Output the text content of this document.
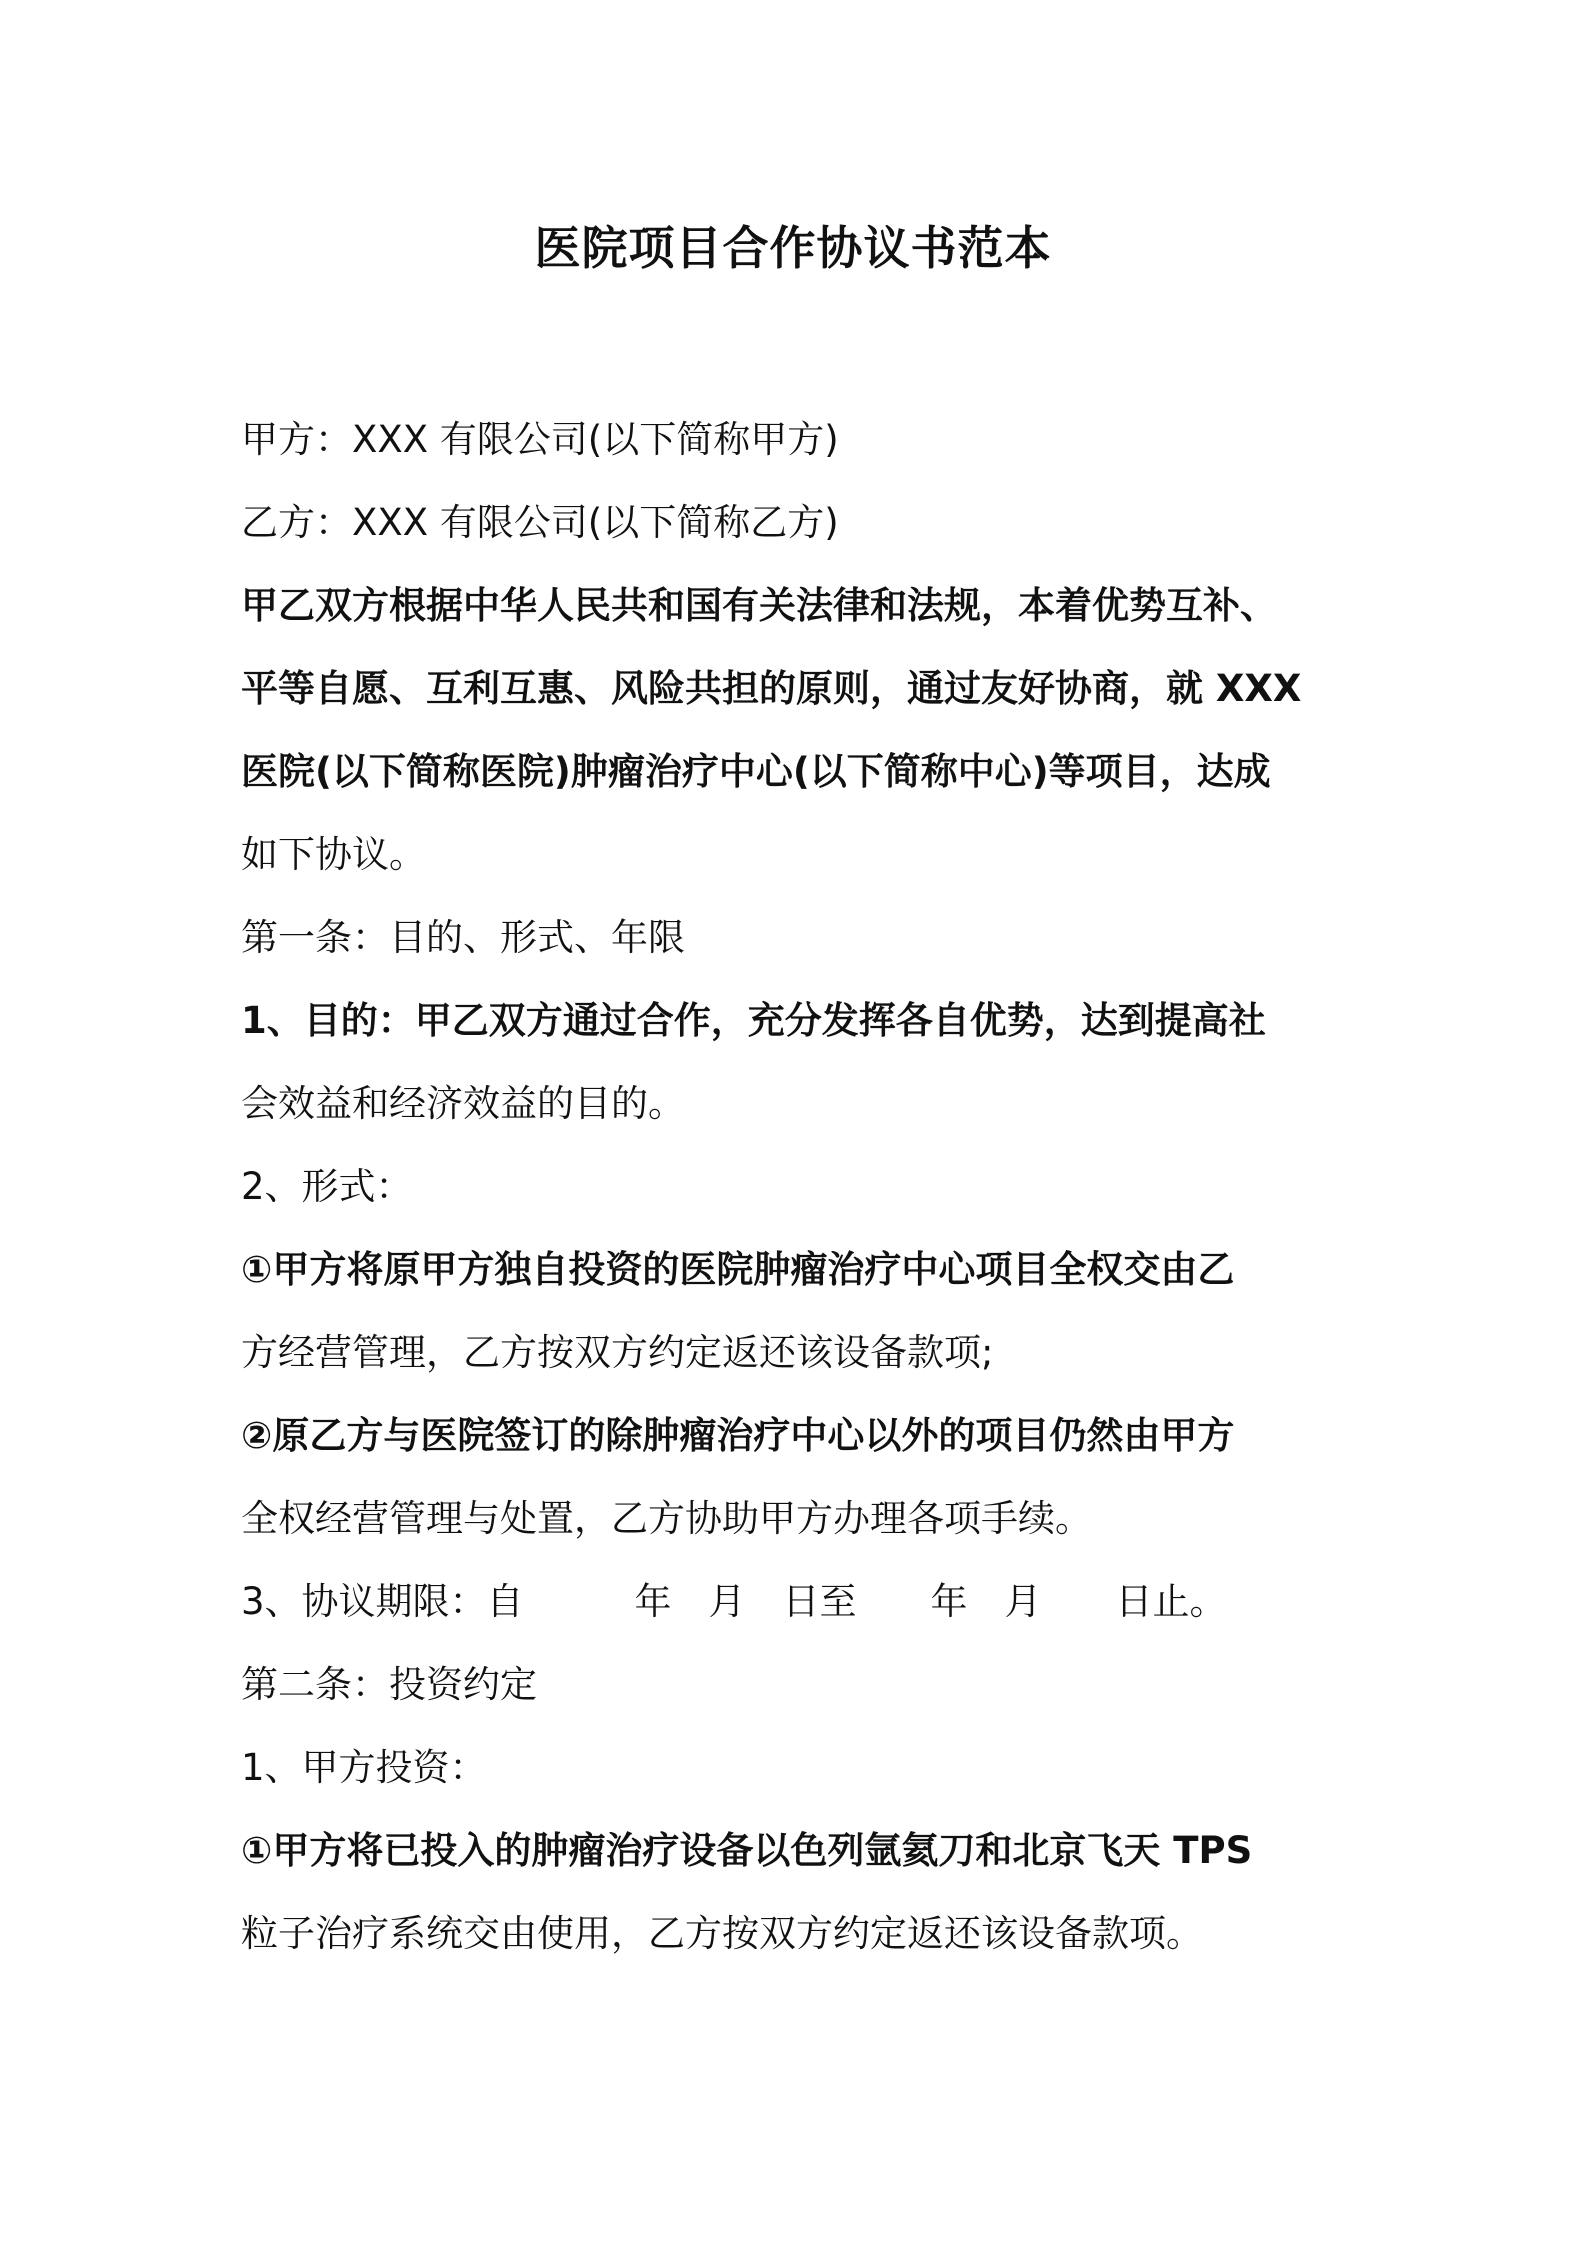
医院项目合作协议书范本

甲方：XXX 有限公司(以下简称甲方)

乙方：XXX 有限公司(以下简称乙方)

甲乙双方根据中华人民共和国有关法律和法规，本着优势互补、

平等自愿、互利互惠、风险共担的原则，通过友好协商，就 XXX

医院(以下简称医院)肿瘤治疗中心(以下简称中心)等项目，达成

如下协议。

第一条：目的、形式、年限

1、目的：甲乙双方通过合作，充分发挥各自优势，达到提高社

会效益和经济效益的目的。

2、形式：

①甲方将原甲方独自投资的医院肿瘤治疗中心项目全权交由乙

方经营管理，乙方按双方约定返还该设备款项;

②原乙方与医院签订的除肿瘤治疗中心以外的项目仍然由甲方

全权经营管理与处置，乙方协助甲方办理各项手续。

3、协议期限：自　　　年　月　日至　　年　月　　日止。

第二条：投资约定

1、甲方投资：

①甲方将已投入的肿瘤治疗设备以色列氩氦刀和北京飞天 TPS

粒子治疗系统交由使用，乙方按双方约定返还该设备款项。
